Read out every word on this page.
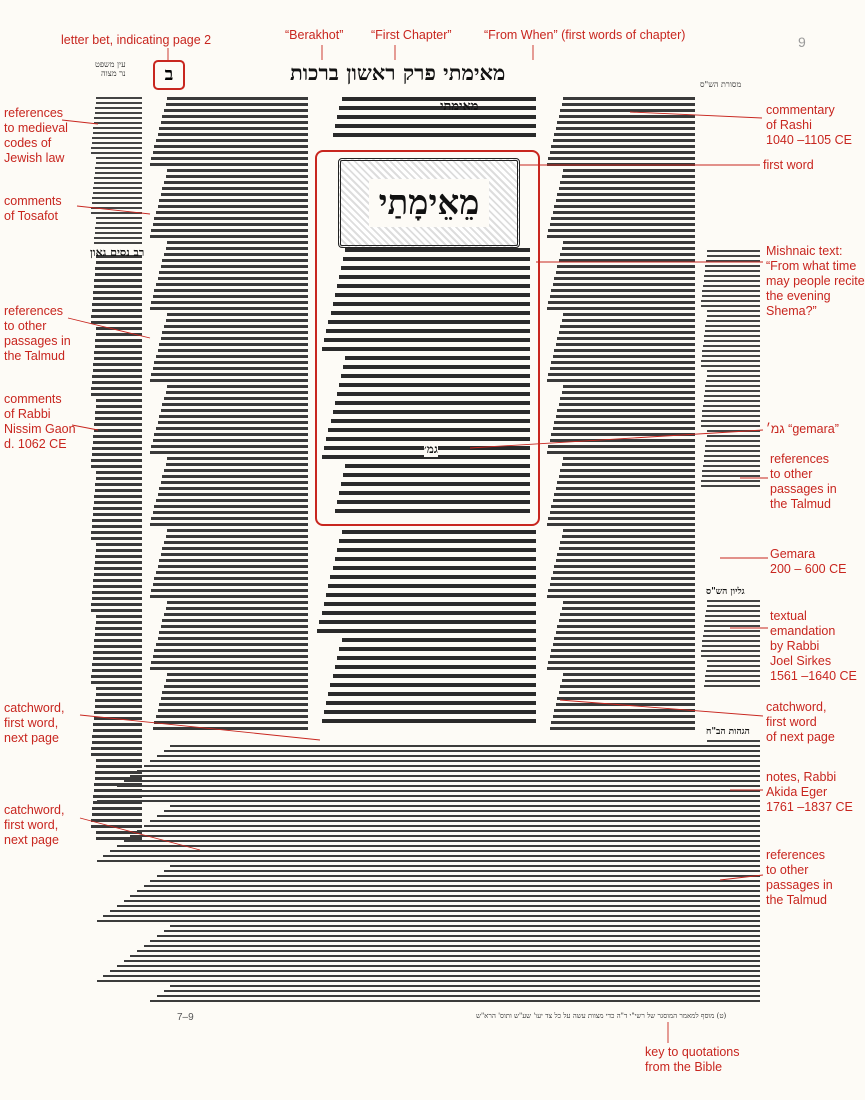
9
מאימתי פרק ראשון ברכות
ב
עין משפט
נר מצוה
מסורת הש"ס
letter bet, indicating page 2	“Berakhot” “First Chapter”	“From When” (first words of chapter)
commentary
of Rashi
1040 –1105 CE
first word
Mishnaic text:
“From what time
may people recite
the evening
Shema?”
גמ׳ “gemara”
references
to other
passages in
the Talmud
Gemara
200 – 600 CE
textual
emandation
by Rabbi
Joel Sirkes
1561 –1640 CE
catchword,
first word
of next page
notes, Rabbi
Akida Eger
1761 –1837 CE
references
to other
passages in
the Talmud
key to quotations
from the Bible
references
to medieval
codes of
Jewish law
comments
of Tosafot
references
to other
passages in
the Talmud
comments
of Rabbi
Nissim Gaon
d. 1062 CE
catchword,
first word,
next page
catchword,
first word,
next page
רב נסים גאון
גליון הש"ס
הגהות הב"ח
מאימתי
מֵאֵימָתַי
גמ׳
(ט) מוסף למאמר המוסגר של רשי"י ד"ה כדי מצוות עשה על כל צד יעו' שע"ש ותוס' הרא"ש
7–9
